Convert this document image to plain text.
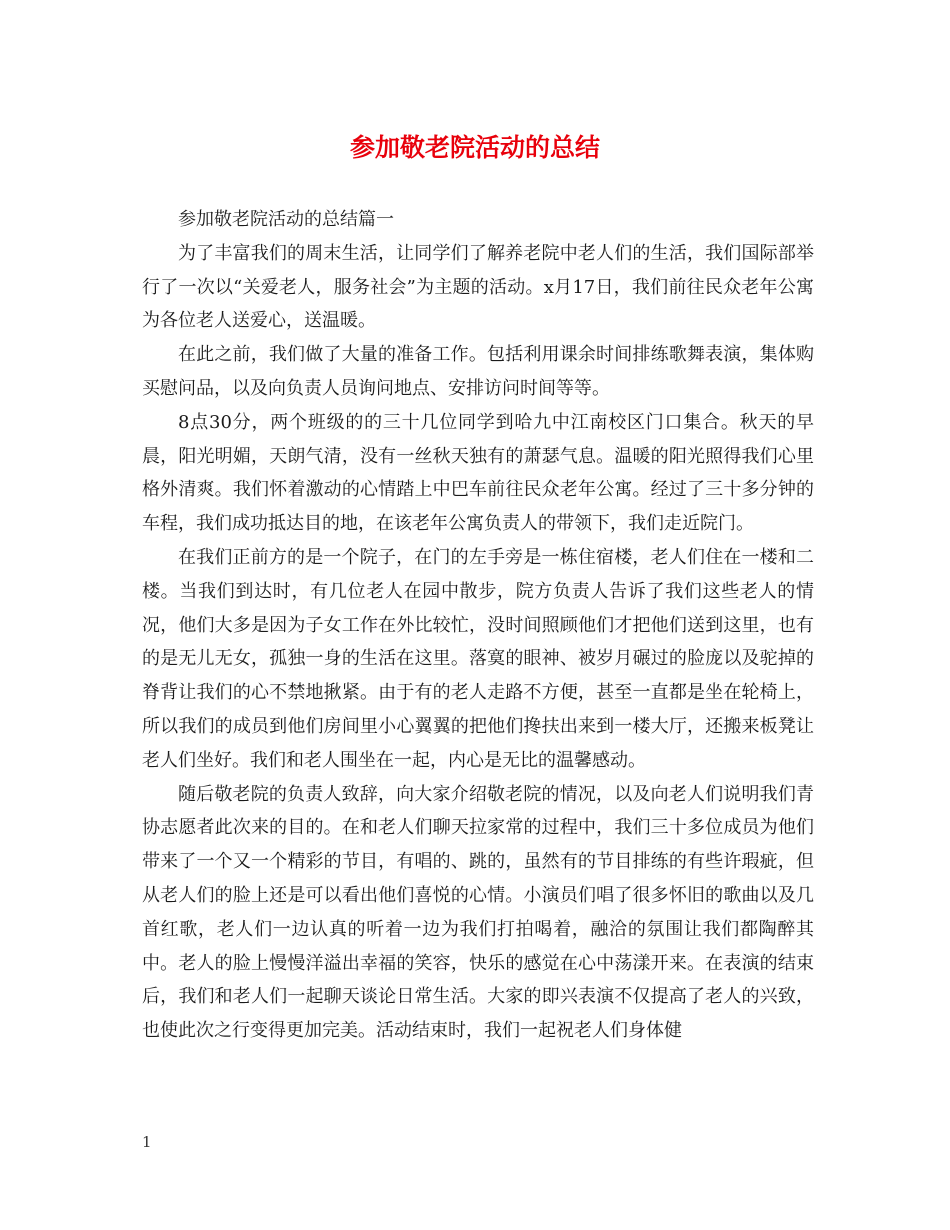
参加敬老院活动的总结

参加敬老院活动的总结篇一

为了丰富我们的周末生活，让同学们了解养老院中老人们的生活，我们国际部举行了一次以“关爱老人，服务社会”为主题的活动。x月17日，我们前往民众老年公寓为各位老人送爱心，送温暖。

在此之前，我们做了大量的准备工作。包括利用课余时间排练歌舞表演，集体购买慰问品，以及向负责人员询问地点、安排访问时间等等。

8点30分，两个班级的的三十几位同学到哈九中江南校区门口集合。秋天的早晨，阳光明媚，天朗气清，没有一丝秋天独有的萧瑟气息。温暖的阳光照得我们心里格外清爽。我们怀着激动的心情踏上中巴车前往民众老年公寓。经过了三十多分钟的车程，我们成功抵达目的地，在该老年公寓负责人的带领下，我们走近院门。

在我们正前方的是一个院子，在门的左手旁是一栋住宿楼，老人们住在一楼和二楼。当我们到达时，有几位老人在园中散步，院方负责人告诉了我们这些老人的情况，他们大多是因为子女工作在外比较忙，没时间照顾他们才把他们送到这里，也有的是无儿无女，孤独一身的生活在这里。落寞的眼神、被岁月碾过的脸庞以及驼掉的脊背让我们的心不禁地揪紧。由于有的老人走路不方便，甚至一直都是坐在轮椅上，所以我们的成员到他们房间里小心翼翼的把他们搀扶出来到一楼大厅，还搬来板凳让老人们坐好。我们和老人围坐在一起，内心是无比的温馨感动。

随后敬老院的负责人致辞，向大家介绍敬老院的情况，以及向老人们说明我们青协志愿者此次来的目的。在和老人们聊天拉家常的过程中，我们三十多位成员为他们带来了一个又一个精彩的节目，有唱的、跳的，虽然有的节目排练的有些许瑕疵，但从老人们的脸上还是可以看出他们喜悦的心情。小演员们唱了很多怀旧的歌曲以及几首红歌，老人们一边认真的听着一边为我们打拍喝着，融洽的氛围让我们都陶醉其中。老人的脸上慢慢洋溢出幸福的笑容，快乐的感觉在心中荡漾开来。在表演的结束后，我们和老人们一起聊天谈论日常生活。大家的即兴表演不仅提高了老人的兴致，也使此次之行变得更加完美。活动结束时，我们一起祝老人们身体健

1
